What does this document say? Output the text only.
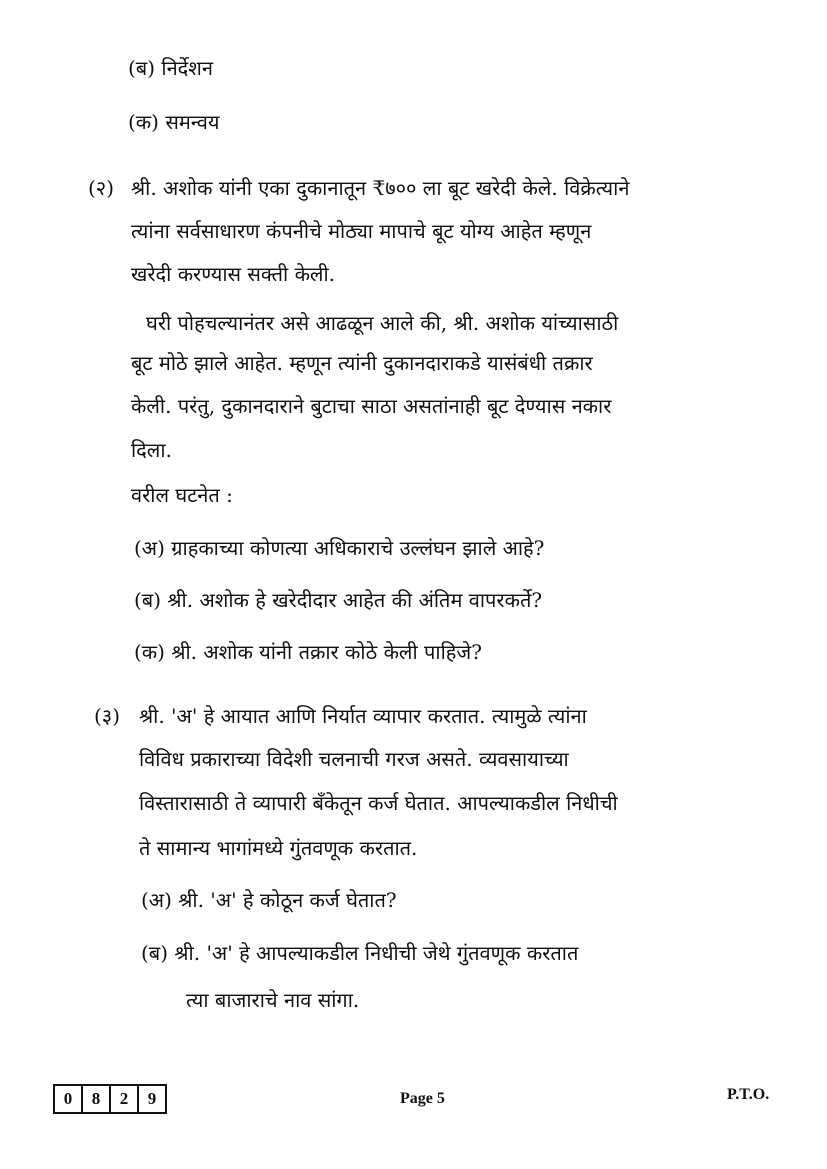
(ब) निर्देशन
(क) समन्वय
(२) श्री. अशोक यांनी एका दुकानातून ₹७०० ला बूट खरेदी केले. विक्रेत्याने
त्यांना सर्वसाधारण कंपनीचे मोठ्या मापाचे बूट योग्य आहेत म्हणून
खरेदी करण्यास सक्ती केली.
घरी पोहचल्यानंतर असे आढळून आले की, श्री. अशोक यांच्यासाठी
बूट मोठे झाले आहेत. म्हणून त्यांनी दुकानदाराकडे यासंबंधी तक्रार
केली. परंतु, दुकानदाराने बुटाचा साठा असतांनाही बूट देण्यास नकार
दिला.
वरील घटनेत :
(अ) ग्राहकाच्या कोणत्या अधिकाराचे उल्लंघन झाले आहे?
(ब) श्री. अशोक हे खरेदीदार आहेत की अंतिम वापरकर्ते?
(क) श्री. अशोक यांनी तक्रार कोठे केली पाहिजे?
(३) श्री. 'अ' हे आयात आणि निर्यात व्यापार करतात. त्यामुळे त्यांना
विविध प्रकाराच्या विदेशी चलनाची गरज असते. व्यवसायाच्या
विस्तारासाठी ते व्यापारी बँकेतून कर्ज घेतात. आपल्याकडील निधीची
ते सामान्य भागांमध्ये गुंतवणूक करतात.
(अ) श्री. 'अ' हे कोठून कर्ज घेतात?
(ब) श्री. 'अ' हे आपल्याकडील निधीची जेथे गुंतवणूक करतात
त्या बाजाराचे नाव सांगा.
0	8	2	9	Page 5	P.T.O.
